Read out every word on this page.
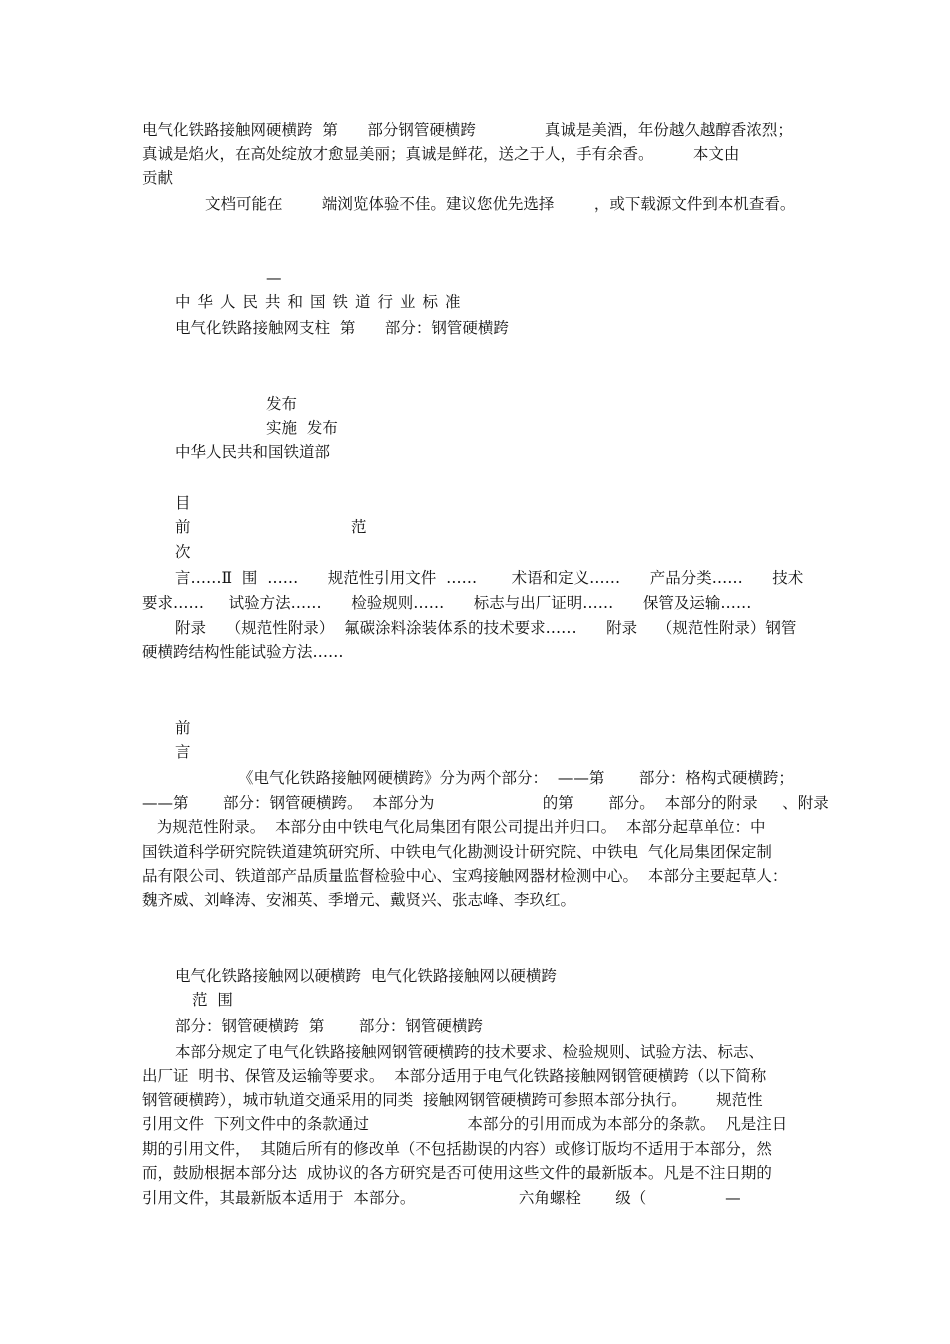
电气化铁路接触网硬横跨  第      部分钢管硬横跨              真诚是美酒，年份越久越醇香浓烈；
真诚是焰火，在高处绽放才愈显美丽；真诚是鲜花，送之于人，手有余香。        本文由
贡献
文档可能在        端浏览体验不佳。建议您优先选择        ，或下载源文件到本机查看。
—
中华人民共和国铁道行业标准
电气化铁路接触网支柱  第      部分：钢管硬横跨
发布
实施  发布
中华人民共和国铁道部
目
前	范
次
言……Ⅱ  围  ……      规范性引用文件  ……       术语和定义……      产品分类……      技术
要求……     试验方法……      检验规则……      标志与出厂证明……      保管及运输……
附录    （规范性附录）  氟碳涂料涂装体系的技术要求……      附录    （规范性附录）钢管
硬横跨结构性能试验方法……
前
言
《电气化铁路接触网硬横跨》分为两个部分：  ——第       部分：格构式硬横跨；
——第       部分：钢管硬横跨。  本部分为                      的第       部分。  本部分的附录     、附录
为规范性附录。  本部分由中铁电气化局集团有限公司提出并归口。  本部分起草单位：中
国铁道科学研究院铁道建筑研究所、中铁电气化勘测设计研究院、中铁电  气化局集团保定制
品有限公司、铁道部产品质量监督检验中心、宝鸡接触网器材检测中心。  本部分主要起草人：
魏齐威、刘峰涛、安湘英、季增元、戴贤兴、张志峰、李玖红。
电气化铁路接触网以硬横跨  电气化铁路接触网以硬横跨
范  围
部分：钢管硬横跨  第       部分：钢管硬横跨
本部分规定了电气化铁路接触网钢管硬横跨的技术要求、检验规则、试验方法、标志、
出厂证  明书、保管及运输等要求。  本部分适用于电气化铁路接触网钢管硬横跨（以下简称
钢管硬横跨），城市轨道交通采用的同类  接触网钢管硬横跨可参照本部分执行。      规范性
引用文件  下列文件中的条款通过                    本部分的引用而成为本部分的条款。  凡是注日
期的引用文件，  其随后所有的修改单（不包括勘误的内容）或修订版均不适用于本部分，然
而，鼓励根据本部分达  成协议的各方研究是否可使用这些文件的最新版本。凡是不注日期的
引用文件，其最新版本适用于  本部分。                     六角螺栓       级（                —
